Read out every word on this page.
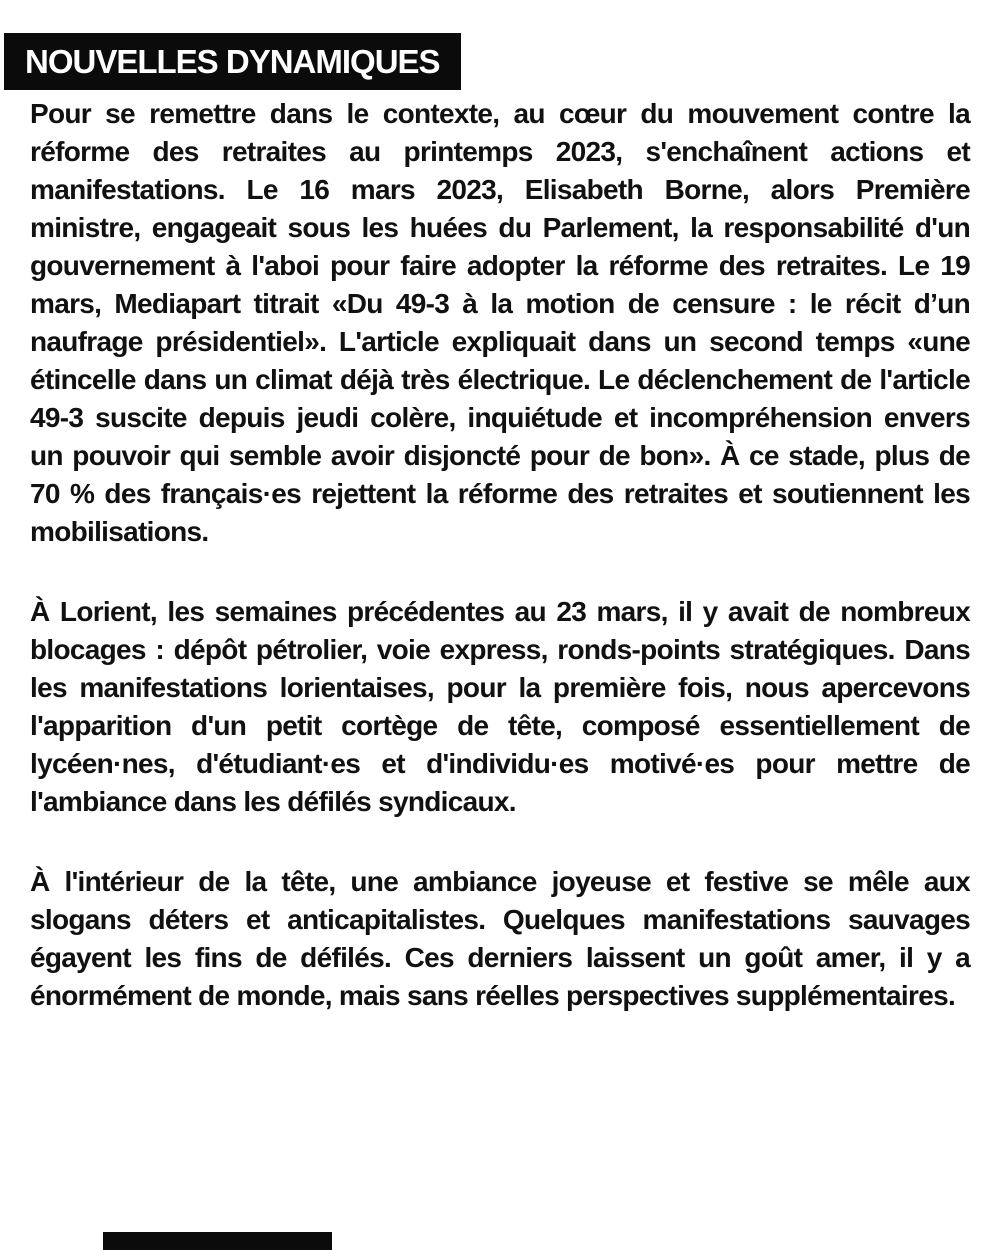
NOUVELLES DYNAMIQUES

Pour se remettre dans le contexte, au cœur du mouvement contre la réforme des retraites au printemps 2023, s'enchaînent actions et manifestations. Le 16 mars 2023, Elisabeth Borne, alors Première ministre, engageait sous les huées du Parlement, la responsabilité d'un gouvernement à l'aboi pour faire adopter la réforme des retraites. Le 19 mars, Mediapart titrait «Du 49-3 à la motion de censure : le récit d’un naufrage présidentiel». L'article expliquait dans un second temps «une étincelle dans un climat déjà très électrique. Le déclenchement de l'article 49-3 suscite depuis jeudi colère, inquiétude et incompréhension envers un pouvoir qui semble avoir disjoncté pour de bon». À ce stade, plus de 70 % des français·es rejettent la réforme des retraites et soutiennent les mobilisations.

À Lorient, les semaines précédentes au 23 mars, il y avait de nombreux blocages : dépôt pétrolier, voie express, ronds-points stratégiques. Dans les manifestations lorientaises, pour la première fois, nous apercevons l'apparition d'un petit cortège de tête, composé essentiellement de lycéen·nes, d'étudiant·es et d'individu·es motivé·es pour mettre de l'ambiance dans les défilés syndicaux.

À l'intérieur de la tête, une ambiance joyeuse et festive se mêle aux slogans déters et anticapitalistes. Quelques manifestations sauvages égayent les fins de défilés. Ces derniers laissent un goût amer, il y a énormément de monde, mais sans réelles perspectives supplémentaires.
